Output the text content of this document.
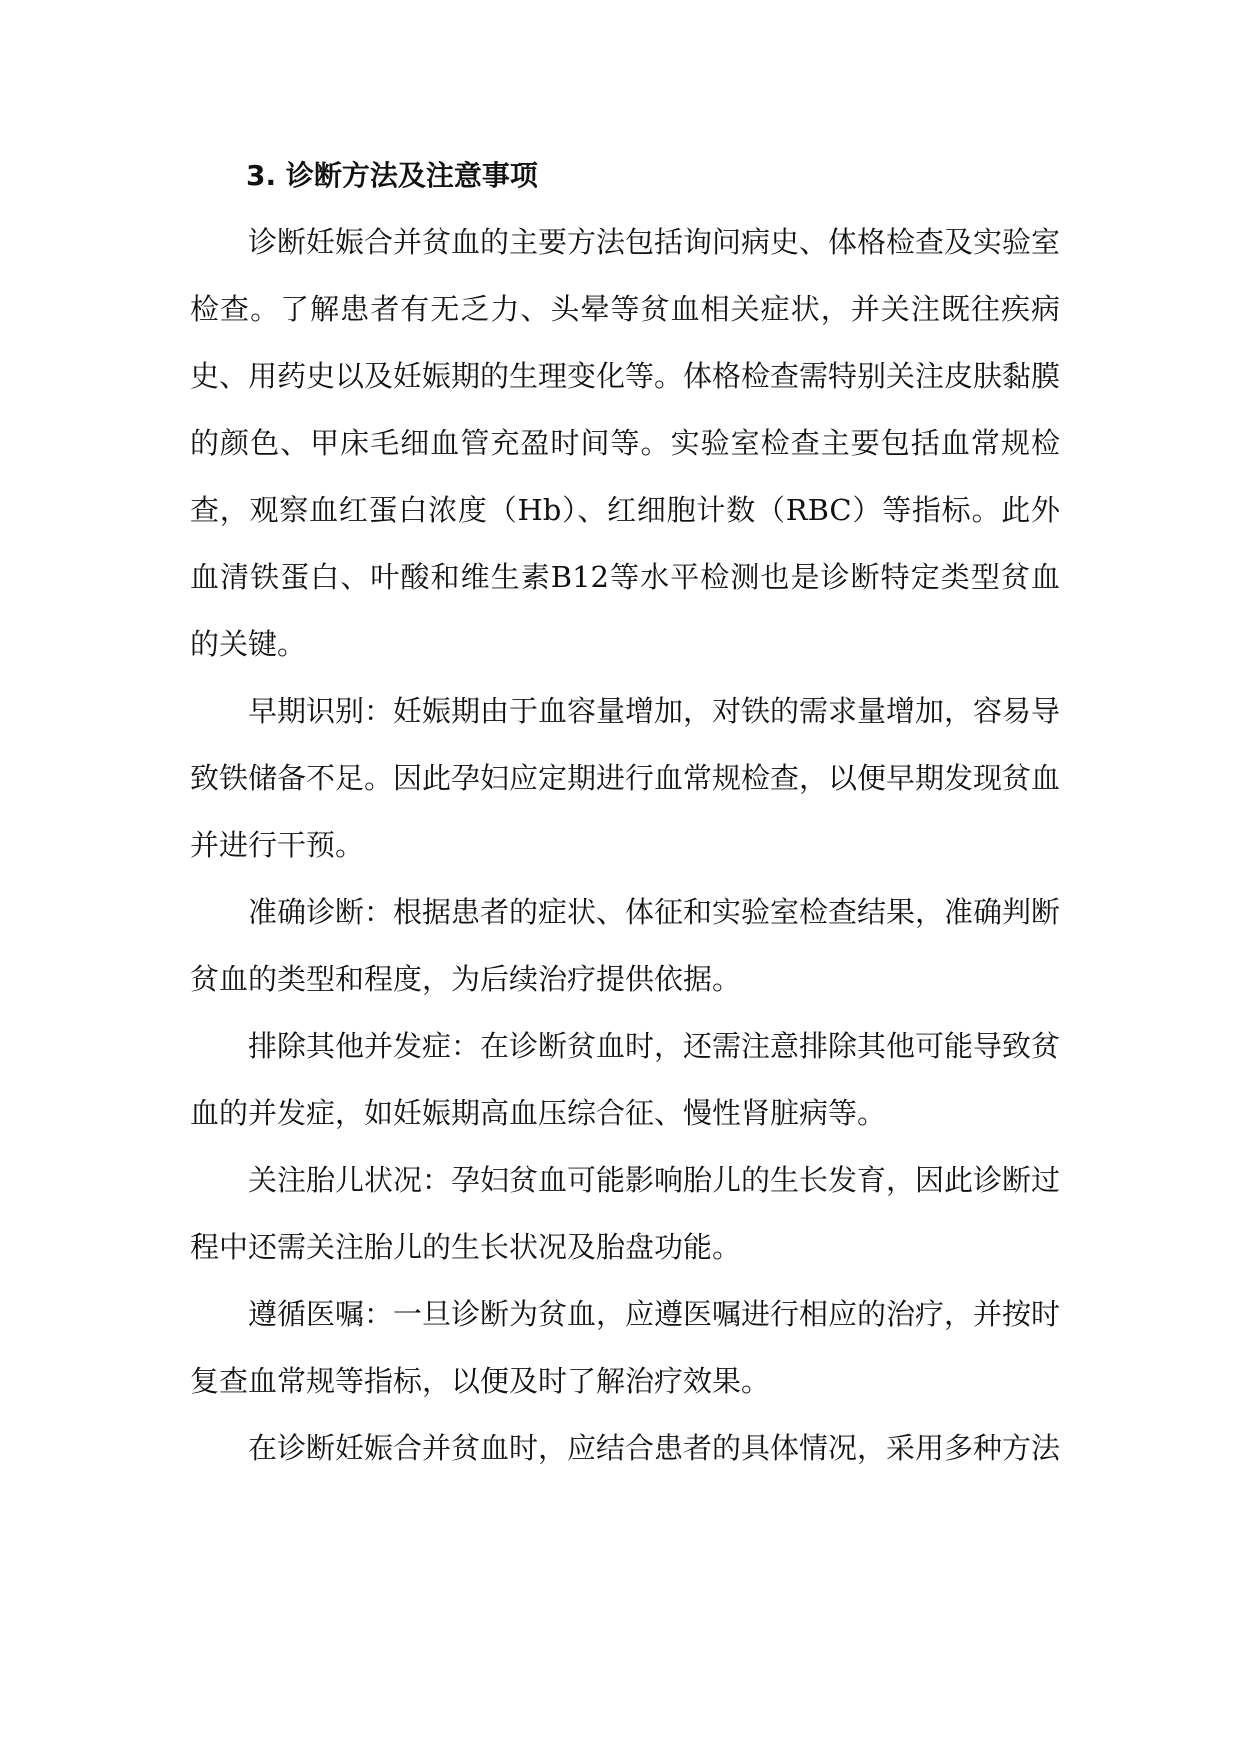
3. 诊断方法及注意事项

诊断妊娠合并贫血的主要方法包括询问病史、体格检查及实验室检查。了解患者有无乏力、头晕等贫血相关症状，并关注既往疾病史、用药史以及妊娠期的生理变化等。体格检查需特别关注皮肤黏膜的颜色、甲床毛细血管充盈时间等。实验室检查主要包括血常规检查，观察血红蛋白浓度（Hb）、红细胞计数（RBC）等指标。此外血清铁蛋白、叶酸和维生素B12等水平检测也是诊断特定类型贫血的关键。

早期识别：妊娠期由于血容量增加，对铁的需求量增加，容易导致铁储备不足。因此孕妇应定期进行血常规检查，以便早期发现贫血并进行干预。

准确诊断：根据患者的症状、体征和实验室检查结果，准确判断贫血的类型和程度，为后续治疗提供依据。

排除其他并发症：在诊断贫血时，还需注意排除其他可能导致贫血的并发症，如妊娠期高血压综合征、慢性肾脏病等。

关注胎儿状况：孕妇贫血可能影响胎儿的生长发育，因此诊断过程中还需关注胎儿的生长状况及胎盘功能。

遵循医嘱：一旦诊断为贫血，应遵医嘱进行相应的治疗，并按时复查血常规等指标，以便及时了解治疗效果。

在诊断妊娠合并贫血时，应结合患者的具体情况，采用多种方法
